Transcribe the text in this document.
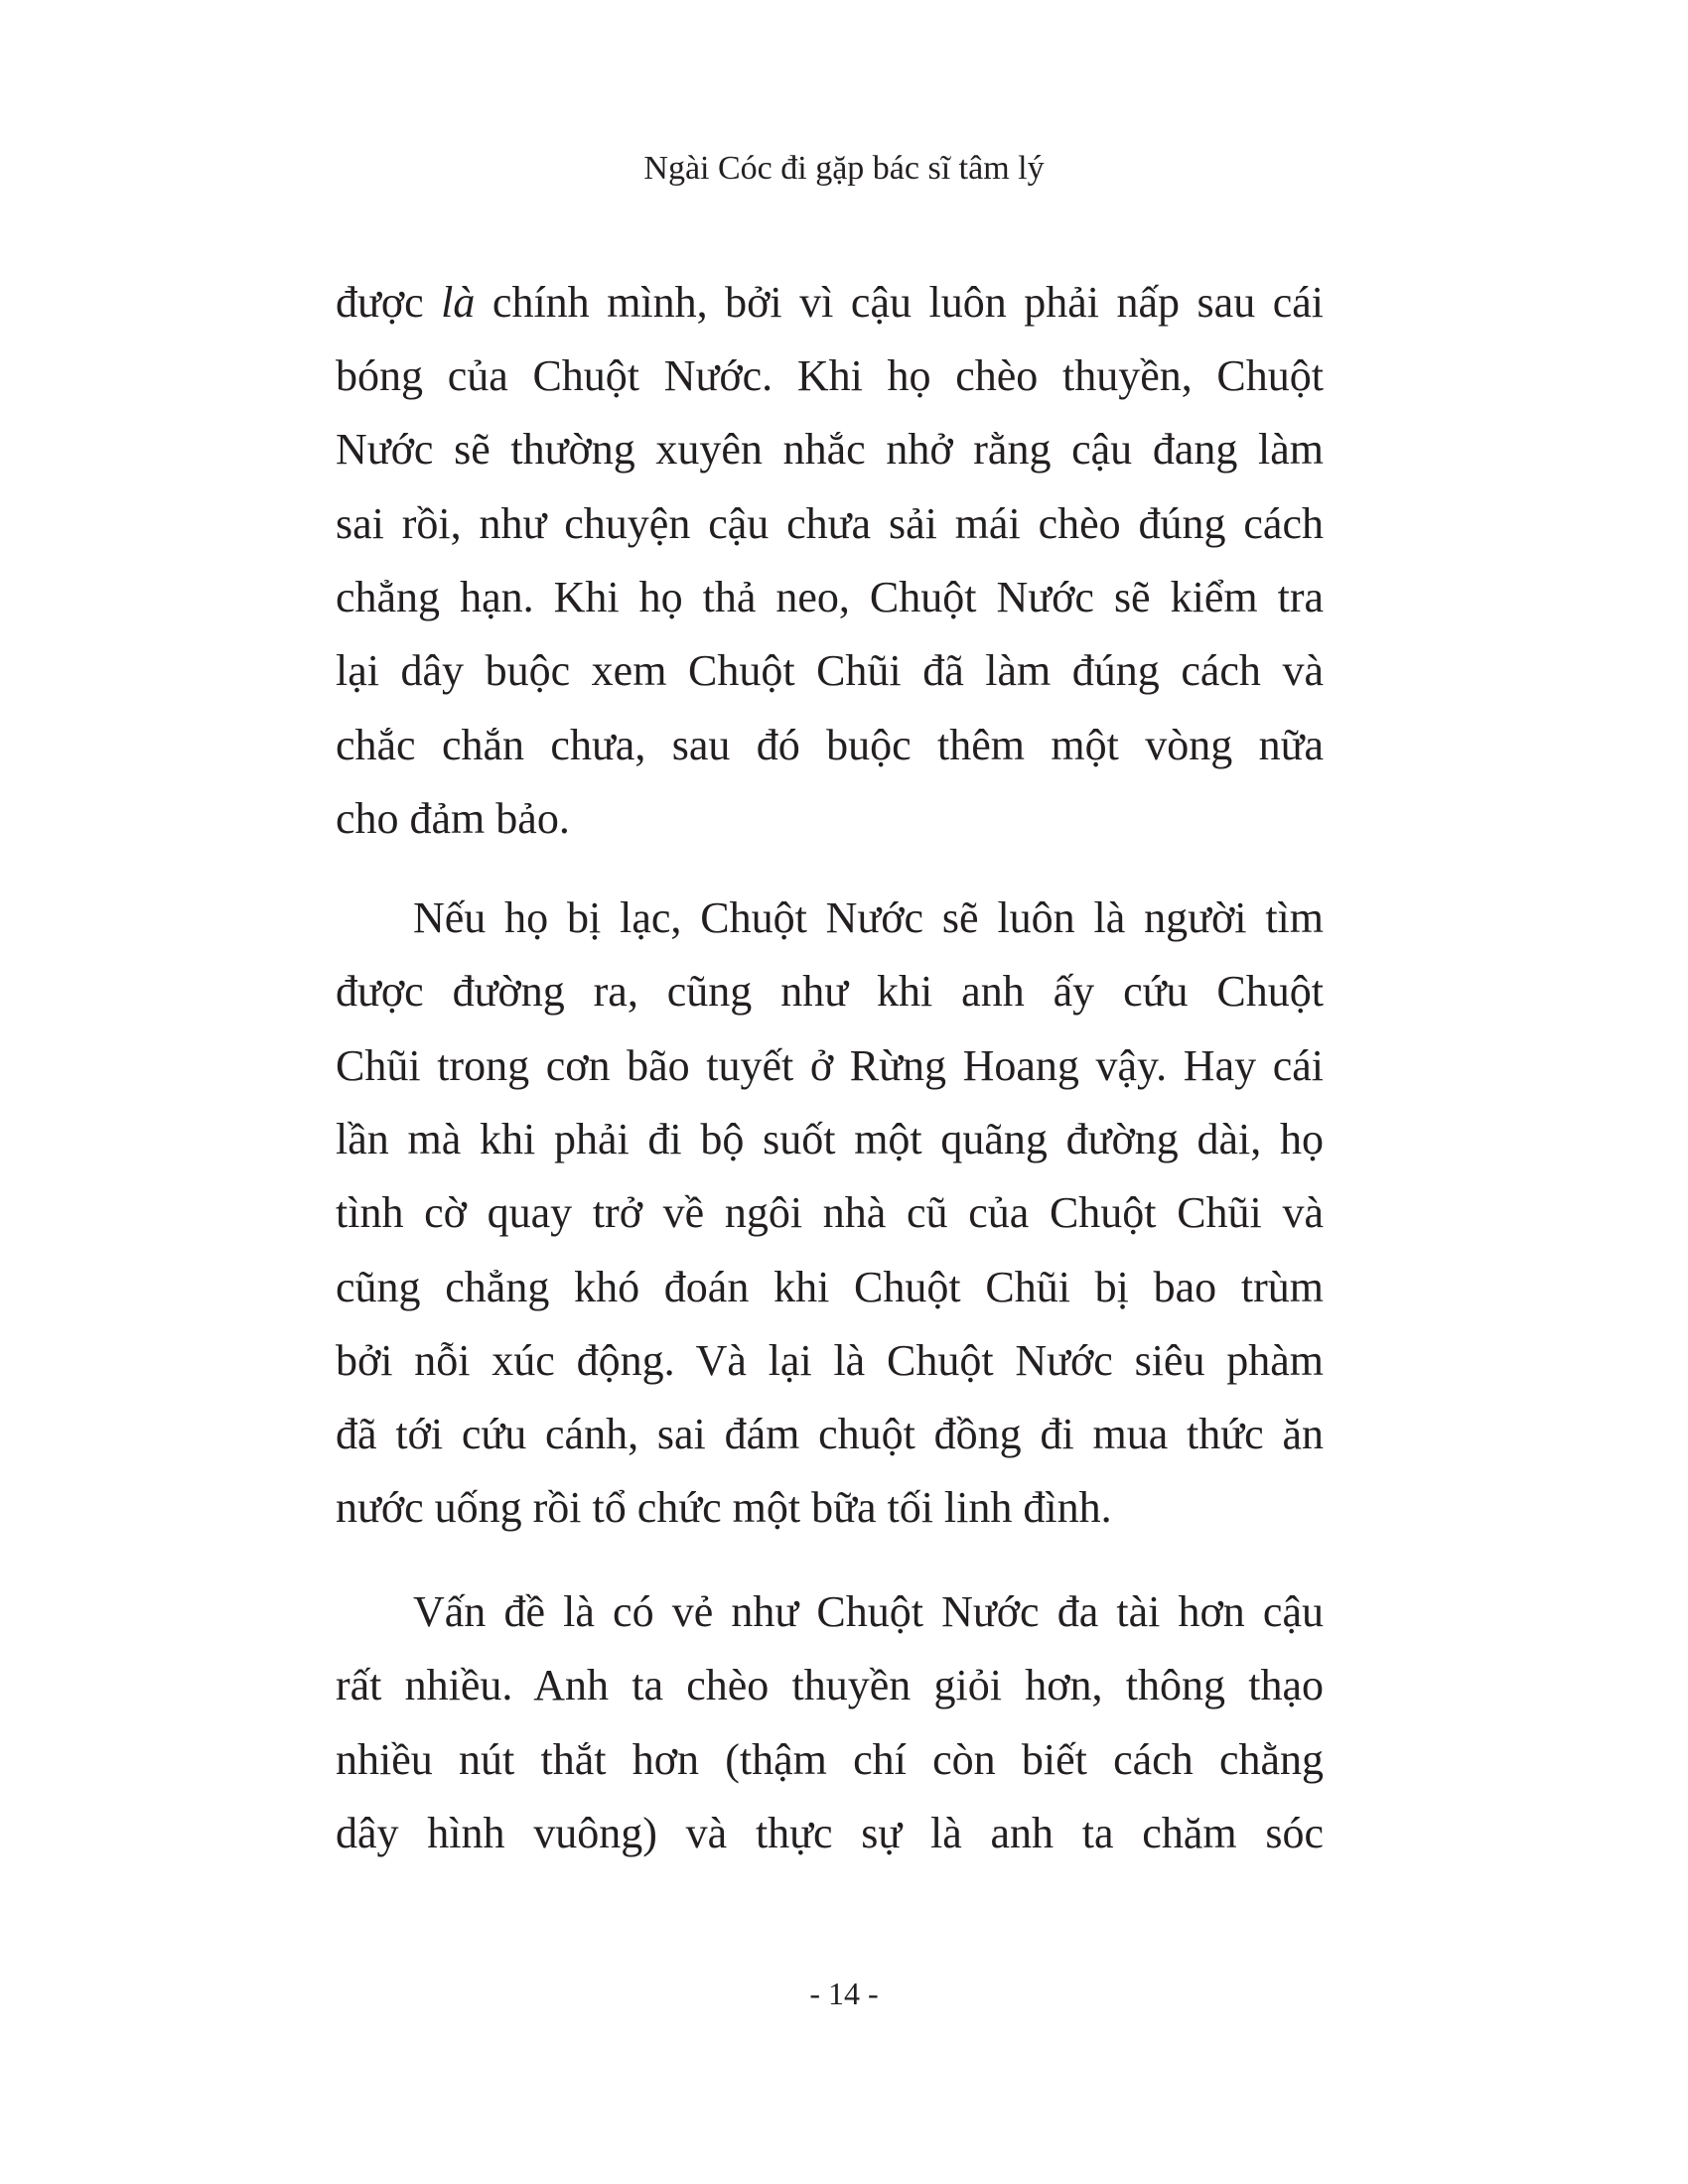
Ngài Cóc đi gặp bác sĩ tâm lý
được là chính mình, bởi vì cậu luôn phải nấp sau cái
bóng của Chuột Nước. Khi họ chèo thuyền, Chuột
Nước sẽ thường xuyên nhắc nhở rằng cậu đang làm
sai rồi, như chuyện cậu chưa sải mái chèo đúng cách
chẳng hạn. Khi họ thả neo, Chuột Nước sẽ kiểm tra
lại dây buộc xem Chuột Chũi đã làm đúng cách và
chắc chắn chưa, sau đó buộc thêm một vòng nữa
cho đảm bảo.
Nếu họ bị lạc, Chuột Nước sẽ luôn là người tìm
được đường ra, cũng như khi anh ấy cứu Chuột
Chũi trong cơn bão tuyết ở Rừng Hoang vậy. Hay cái
lần mà khi phải đi bộ suốt một quãng đường dài, họ
tình cờ quay trở về ngôi nhà cũ của Chuột Chũi và
cũng chẳng khó đoán khi Chuột Chũi bị bao trùm
bởi nỗi xúc động. Và lại là Chuột Nước siêu phàm
đã tới cứu cánh, sai đám chuột đồng đi mua thức ăn
nước uống rồi tổ chức một bữa tối linh đình.
Vấn đề là có vẻ như Chuột Nước đa tài hơn cậu
rất nhiều. Anh ta chèo thuyền giỏi hơn, thông thạo
nhiều nút thắt hơn (thậm chí còn biết cách chằng
dây hình vuông) và thực sự là anh ta chăm sóc
- 14 -
